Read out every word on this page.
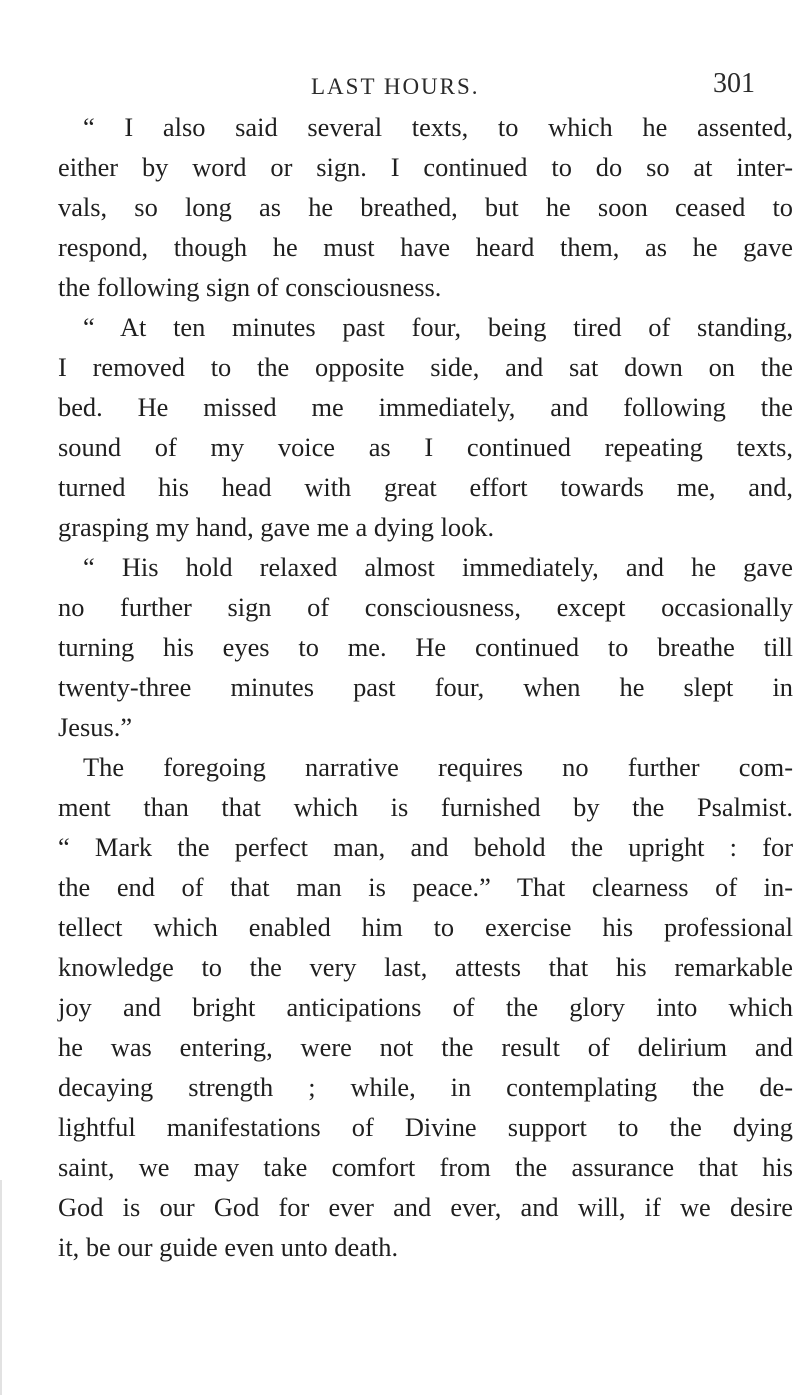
LAST HOURS.	301
“ I also said several texts, to which he assented,
either by word or sign. I continued to do so at inter-
vals, so long as he breathed, but he soon ceased to
respond, though he must have heard them, as he gave
the following sign of consciousness.
“ At ten minutes past four, being tired of standing,
I removed to the opposite side, and sat down on the
bed. He missed me immediately, and following the
sound of my voice as I continued repeating texts,
turned his head with great effort towards me, and,
grasping my hand, gave me a dying look.
“ His hold relaxed almost immediately, and he gave
no further sign of consciousness, except occasionally
turning his eyes to me. He continued to breathe till
twenty-three minutes past four, when he slept in
Jesus.”
The foregoing narrative requires no further com-
ment than that which is furnished by the Psalmist.
“ Mark the perfect man, and behold the upright : for
the end of that man is peace.” That clearness of in-
tellect which enabled him to exercise his professional
knowledge to the very last, attests that his remarkable
joy and bright anticipations of the glory into which
he was entering, were not the result of delirium and
decaying strength ; while, in contemplating the de-
lightful manifestations of Divine support to the dying
saint, we may take comfort from the assurance that his
God is our God for ever and ever, and will, if we desire
it, be our guide even unto death.
